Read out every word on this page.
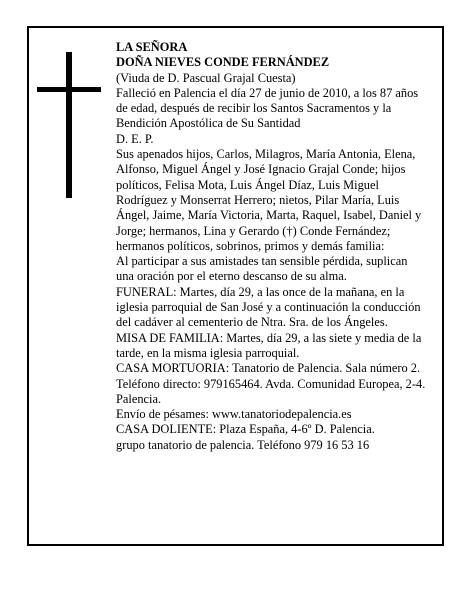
LA SEÑORA

DOÑA NIEVES CONDE FERNÁNDEZ

(Viuda de D. Pascual Grajal Cuesta)

Falleció en Palencia el día 27 de junio de 2010, a los 87 años de edad, después de recibir los Santos Sacramentos y la Bendición Apostólica de Su Santidad

D. E. P.

Sus apenados hijos, Carlos, Milagros, María Antonia, Elena, Alfonso, Miguel Ángel y José Ignacio Grajal Conde; hijos políticos, Felisa Mota, Luis Ángel Díaz, Luis Miguel Rodríguez y Monserrat Herrero; nietos, Pilar María, Luis Ángel, Jaime, María Victoria, Marta, Raquel, Isabel, Daniel y Jorge; hermanos, Lina y Gerardo (†) Conde Fernández; hermanos políticos, sobrinos, primos y demás familia:

Al participar a sus amistades tan sensible pérdida, suplican una oración por el eterno descanso de su alma.

FUNERAL: Martes, día 29, a las once de la mañana, en la iglesia parroquial de San José y a continuación la conducción del cadáver al cementerio de Ntra. Sra. de los Ángeles.

MISA DE FAMILIA: Martes, día 29, a las siete y media de la tarde, en la misma iglesia parroquial.

CASA MORTUORIA: Tanatorio de Palencia. Sala número 2. Teléfono directo: 979165464. Avda. Comunidad Europea, 2-4. Palencia.

Envío de pésames: www.tanatoriodepalencia.es

CASA DOLIENTE: Plaza España, 4-6º D. Palencia.

grupo tanatorio de palencia. Teléfono 979 16 53 16
